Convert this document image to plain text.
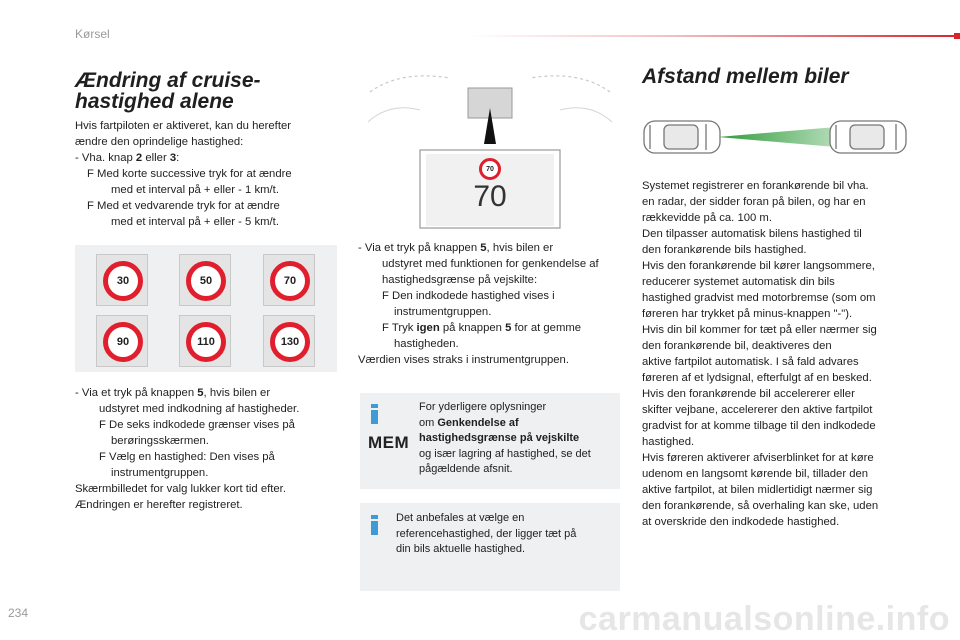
Kørsel
Ændring af cruise-
hastighed alene
Hvis fartpiloten er aktiveret, kan du herefter
ændre den oprindelige hastighed:
- Vha. knap 2 eller 3:
F Med korte successive tryk for at ændre
med et interval på + eller - 1 km/t.
F Med et vedvarende tryk for at ændre
med et interval på + eller - 5 km/t.
30	50	70
90	110	130
- Via et tryk på knappen 5, hvis bilen er
udstyret med indkodning af hastigheder.
F De seks indkodede grænser vises på
berøringsskærmen.
F Vælg en hastighed: Den vises på
instrumentgruppen.
Skærmbilledet for valg lukker kort tid efter.
Ændringen er herefter registreret.
70
70
- Via et tryk på knappen 5, hvis bilen er
udstyret med funktionen for genkendelse af
hastighedsgrænse på vejskilte:
F Den indkodede hastighed vises i
instrumentgruppen.
F Tryk igen på knappen 5 for at gemme
hastigheden.
Værdien vises straks i instrumentgruppen.
MEM
For yderligere oplysninger
om Genkendelse af
hastighedsgrænse på vejskilte
og især lagring af hastighed, se det
pågældende afsnit.
Det anbefales at vælge en
referencehastighed, der ligger tæt på
din bils aktuelle hastighed.
Afstand mellem biler
Systemet registrerer en forankørende bil vha.
en radar, der sidder foran på bilen, og har en
rækkevidde på ca. 100 m.
Den tilpasser automatisk bilens hastighed til
den forankørende bils hastighed.
Hvis den forankørende bil kører langsommere,
reducerer systemet automatisk din bils
hastighed gradvist med motorbremse (som om
føreren har trykket på minus-knappen "-").
Hvis din bil kommer for tæt på eller nærmer sig
den forankørende bil, deaktiveres den
aktive fartpilot automatisk. I så fald advares
føreren af et lydsignal, efterfulgt af en besked.
Hvis den forankørende bil accelererer eller
skifter vejbane, accelererer den aktive fartpilot
gradvist for at komme tilbage til den indkodede
hastighed.
Hvis føreren aktiverer afviserblinket for at køre
udenom en langsomt kørende bil, tillader den
aktive fartpilot, at bilen midlertidigt nærmer sig
den forankørende, så overhaling kan ske, uden
at overskride den indkodede hastighed.
234	carmanualsonline.info
